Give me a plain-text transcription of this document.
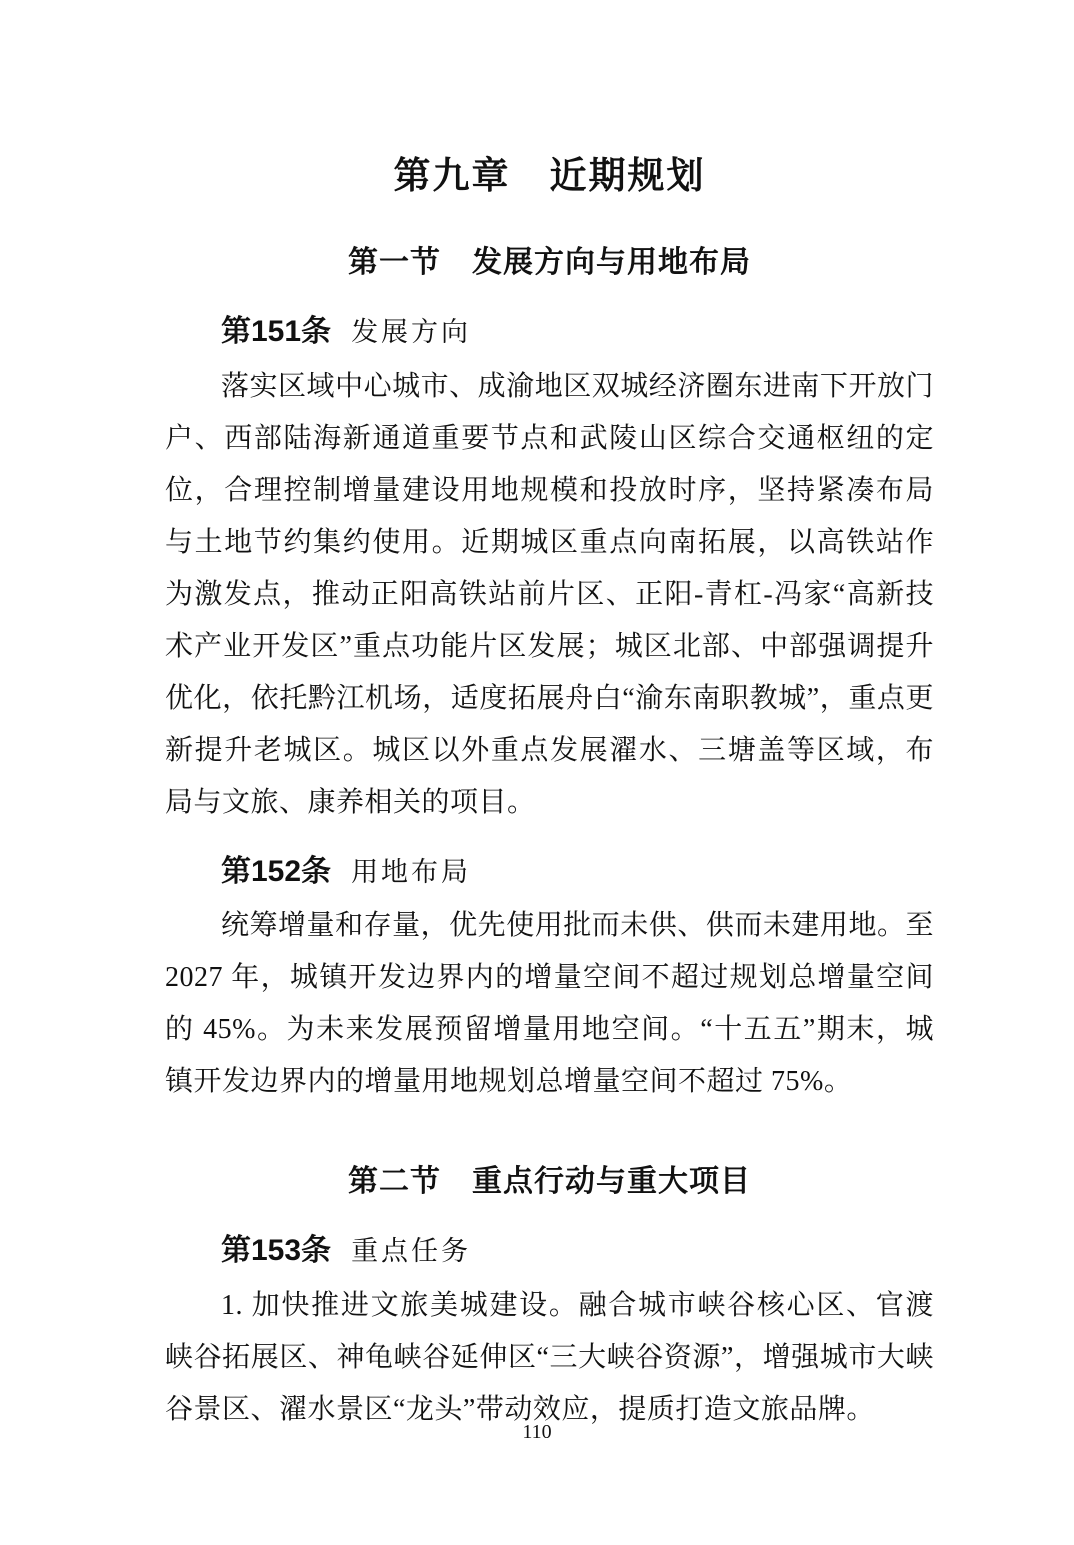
第九章　近期规划
第一节　发展方向与用地布局
第151条 发展方向

落实区域中心城市、成渝地区双城经济圈东进南下开放门户、西部陆海新通道重要节点和武陵山区综合交通枢纽的定位，合理控制增量建设用地规模和投放时序，坚持紧凑布局与土地节约集约使用。近期城区重点向南拓展，以高铁站作为激发点，推动正阳高铁站前片区、正阳-青杠-冯家“高新技术产业开发区”重点功能片区发展；城区北部、中部强调提升优化，依托黔江机场，适度拓展舟白“渝东南职教城”，重点更新提升老城区。城区以外重点发展濯水、三塘盖等区域，布局与文旅、康养相关的项目。

第152条 用地布局

统筹增量和存量，优先使用批而未供、供而未建用地。至 2027 年，城镇开发边界内的增量空间不超过规划总增量空间的 45%。为未来发展预留增量用地空间。“十五五”期末，城镇开发边界内的增量用地规划总增量空间不超过 75%。

第二节　重点行动与重大项目
第153条 重点任务

1. 加快推进文旅美城建设。融合城市峡谷核心区、官渡峡谷拓展区、神龟峡谷延伸区“三大峡谷资源”，增强城市大峡谷景区、濯水景区“龙头”带动效应，提质打造文旅品牌。

110
